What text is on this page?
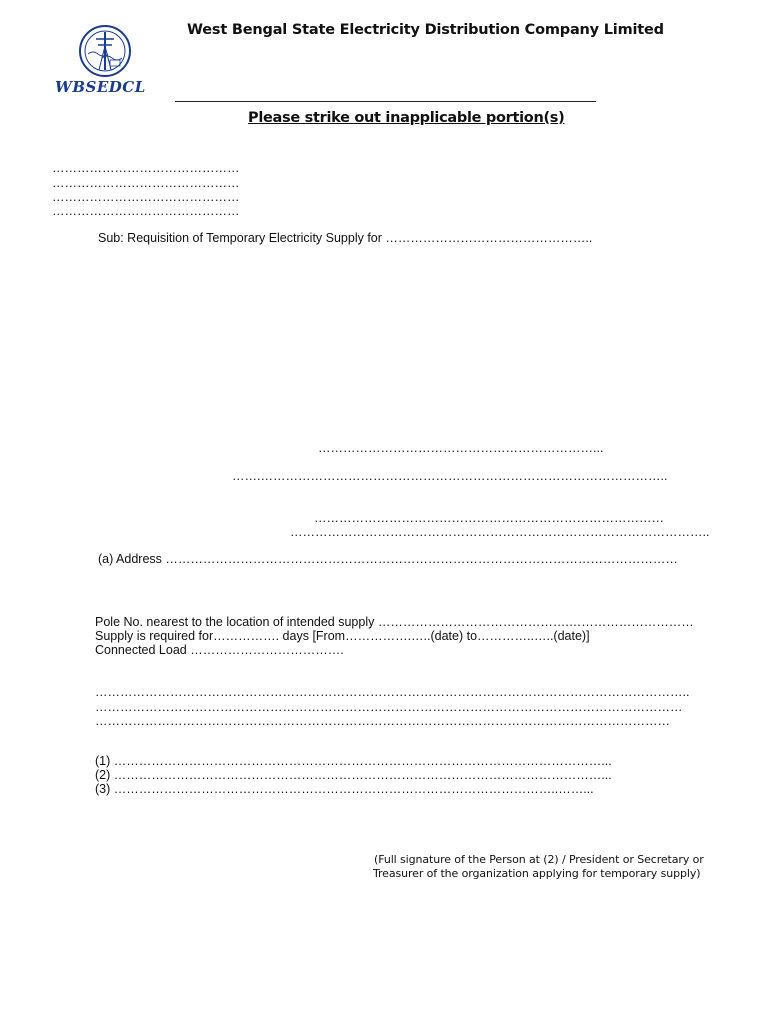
WBSEDCL
West Bengal State Electricity Distribution Company Limited
Please strike out inapplicable portion(s)
………………………………………
………………………………………
………………………………………
………………………………………
Sub: Requisition of Temporary Electricity Supply for …………………………………………..
…………………………………………………………...
…….……………………………………………………………………………………..
…………………………………………………………………………
………………………………………………………………………………………..
(a) Address ……………………………………………………………………………………………………………
Pole No. nearest to the location of intended supply ……………………………………….…………………………
Supply is required for……………. days [From…………….…..(date) to…………..…..(date)]
Connected Load ……………………………….
……………………………………………………………………………………………………………………………..
……………………………………………………………………………………………………………………………
…………………………………………………………………………………………………………………………
(1) ………………………………………………………………………………………………………...
(2) ………………………………………………………………………………………………………...
(3) ……………………………………………………………………………………………..……...
(Full signature of the Person at (2) / President or Secretary or
Treasurer of the organization applying for temporary supply)
